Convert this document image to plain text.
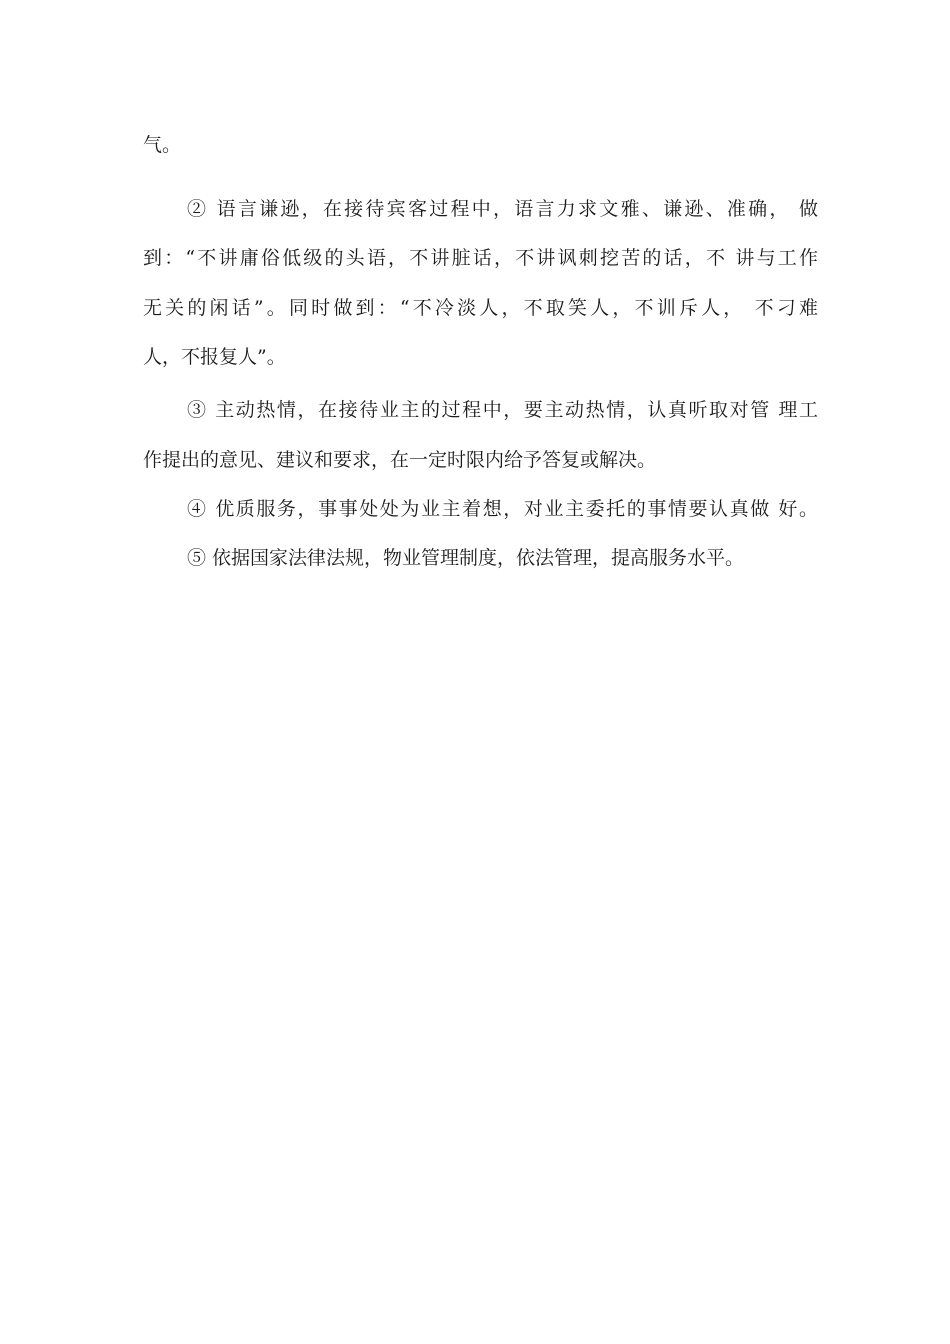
气。
② 语言谦逊，在接待宾客过程中，语言力求文雅、谦逊、准确， 做
到：“不讲庸俗低级的头语，不讲脏话，不讲讽刺挖苦的话，不 讲与工作
无关的闲话”。同时做到：“不冷淡人，不取笑人，不训斥人， 不刁难
人，不报复人”。
③ 主动热情，在接待业主的过程中，要主动热情，认真听取对管 理工
作提出的意见、建议和要求，在一定时限内给予答复或解决。
④ 优质服务，事事处处为业主着想，对业主委托的事情要认真做 好。
⑤ 依据国家法律法规，物业管理制度，依法管理，提高服务水平。
